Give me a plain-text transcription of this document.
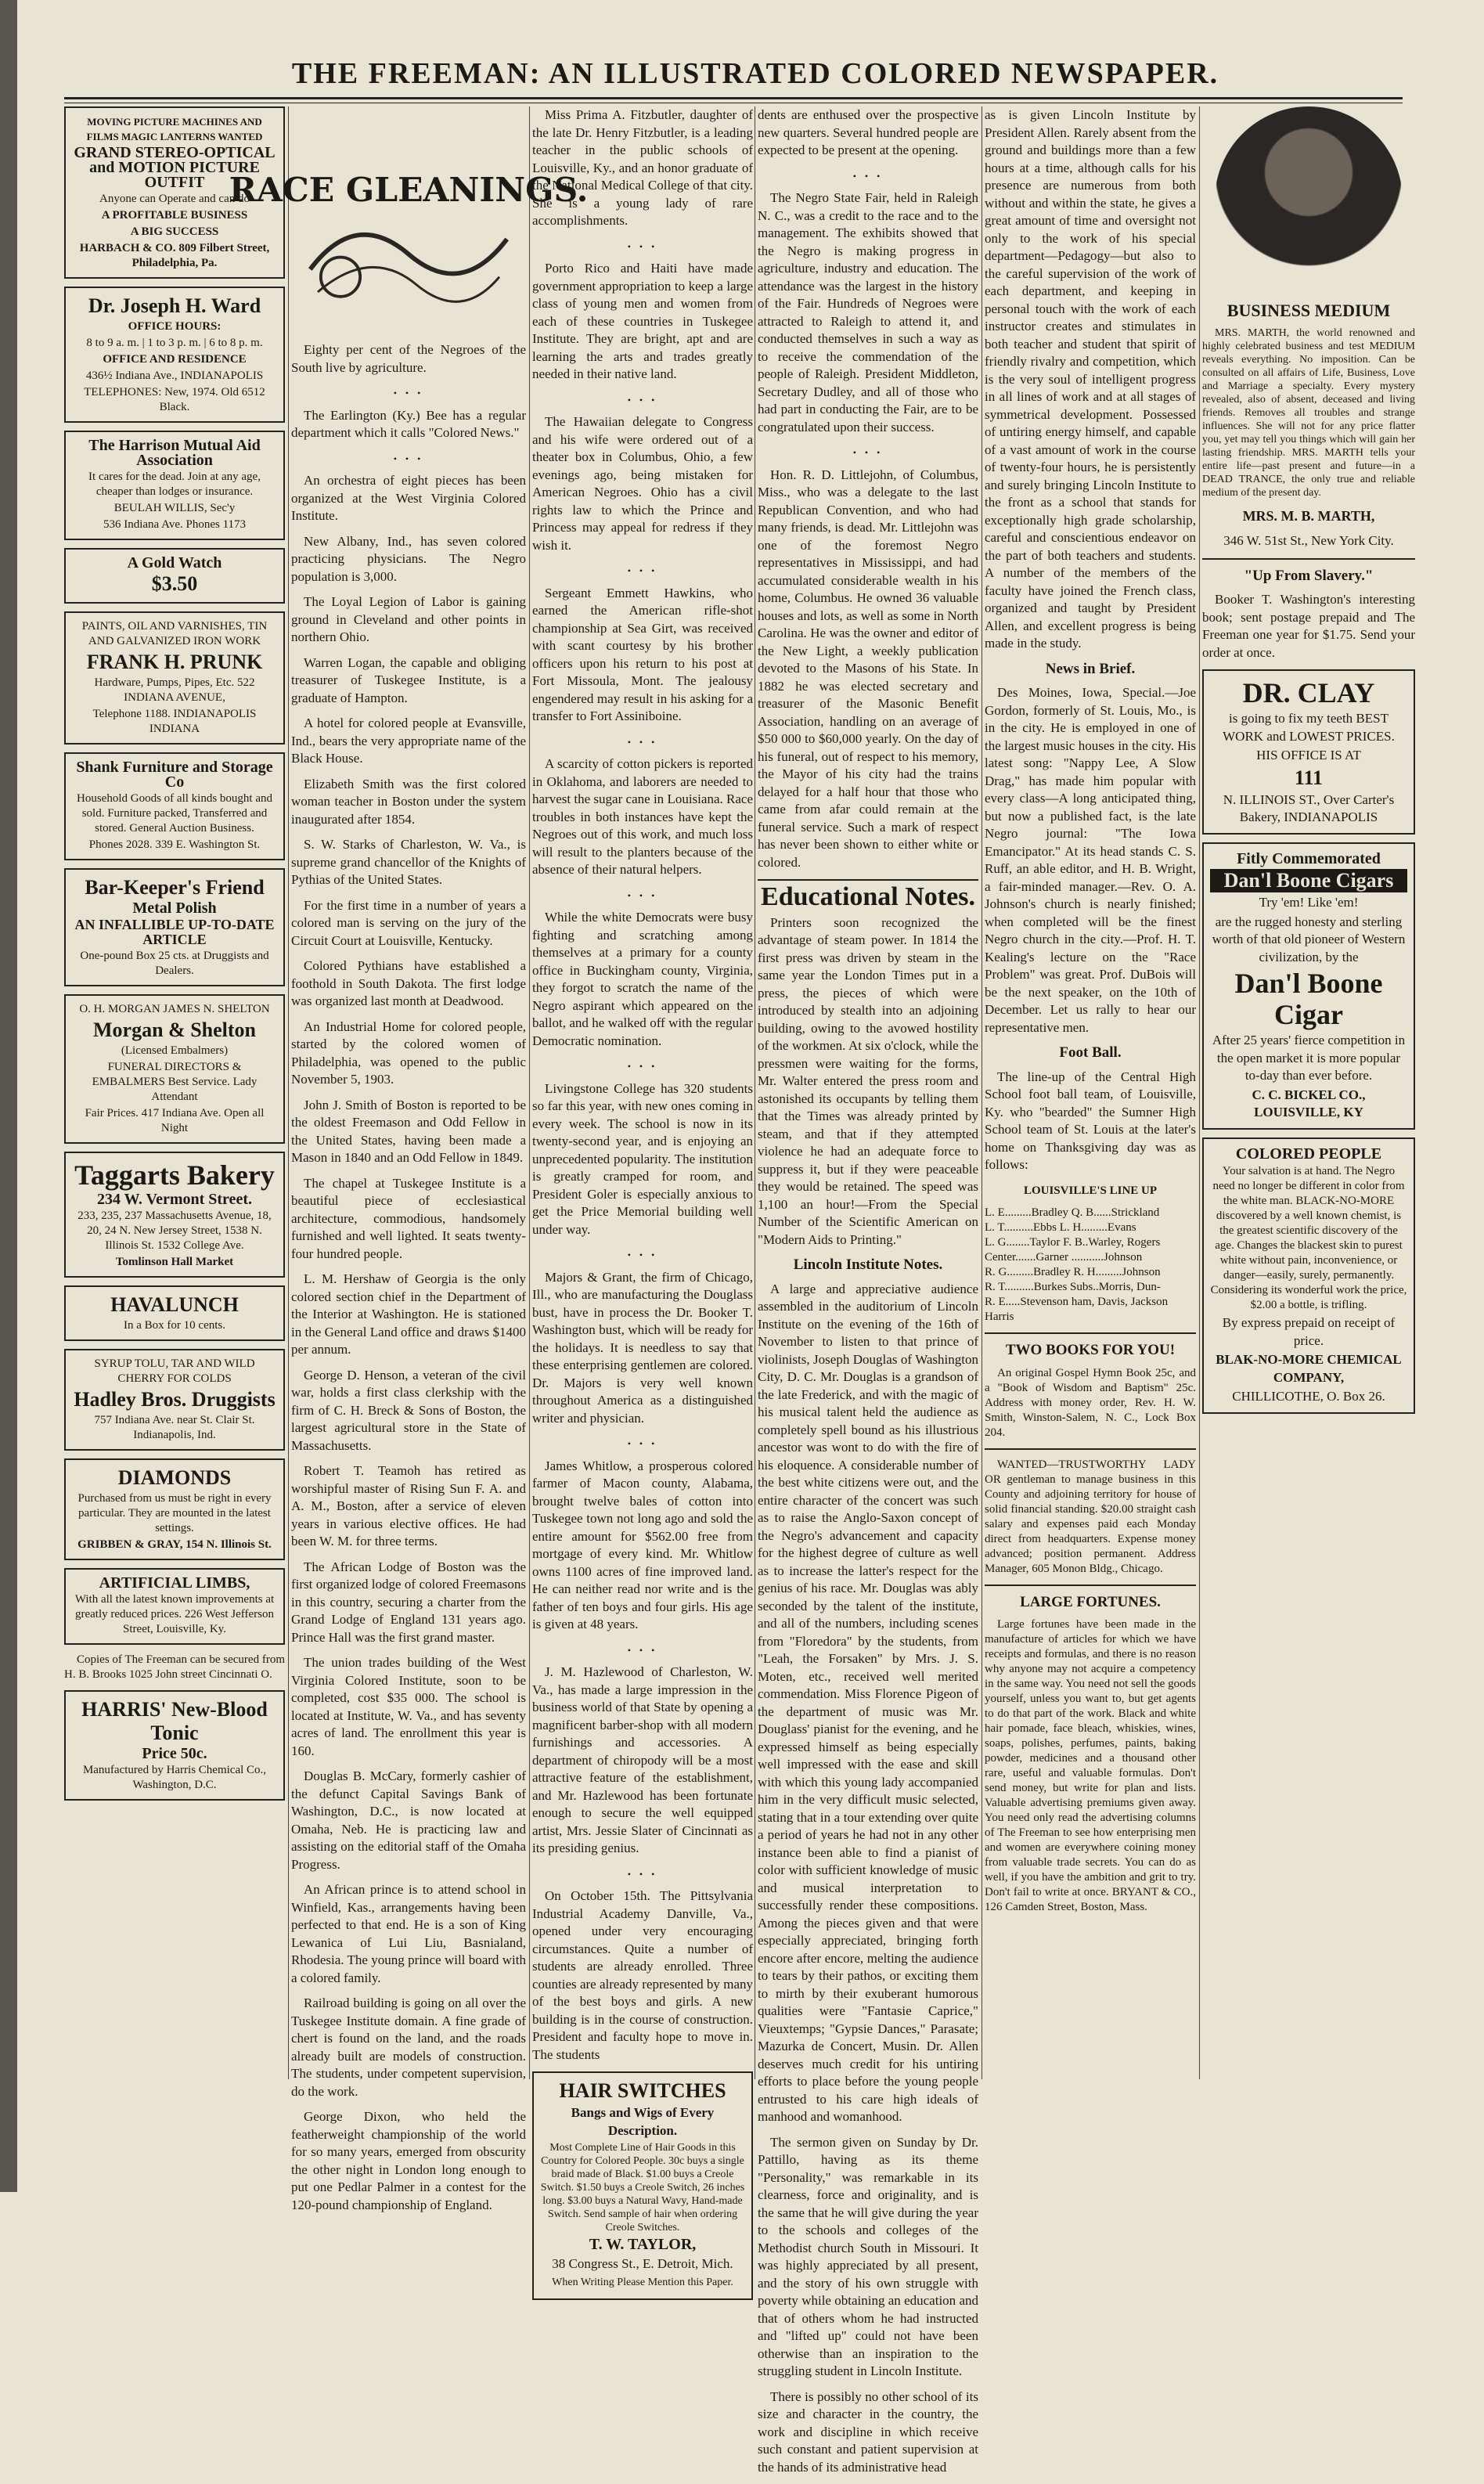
THE FREEMAN: AN ILLUSTRATED COLORED NEWSPAPER.

MOVING PICTURE MACHINES AND FILMS MAGIC LANTERNS WANTED

GRAND STEREO-OPTICAL and MOTION PICTURE OUTFIT

Anyone can Operate and can do

A PROFITABLE BUSINESS

A BIG SUCCESS

HARBACH & CO. 809 Filbert Street, Philadelphia, Pa.

Dr. Joseph H. Ward

OFFICE HOURS:

8 to 9 a. m. | 1 to 3 p. m. | 6 to 8 p. m.

OFFICE AND RESIDENCE

436½ Indiana Ave., INDIANAPOLIS

TELEPHONES: New, 1974. Old 6512 Black.

The Harrison Mutual Aid Association

It cares for the dead. Join at any age, cheaper than lodges or insurance.

BEULAH WILLIS, Sec'y

536 Indiana Ave. Phones 1173

A Gold Watch

$3.50

PAINTS, OIL AND VARNISHES, TIN AND GALVANIZED IRON WORK

FRANK H. PRUNK

Hardware, Pumps, Pipes, Etc. 522 INDIANA AVENUE,

Telephone 1188. INDIANAPOLIS INDIANA

Shank Furniture and Storage Co

Household Goods of all kinds bought and sold. Furniture packed, Transferred and stored. General Auction Business.

Phones 2028. 339 E. Washington St.

Bar-Keeper's Friend

Metal Polish

AN INFALLIBLE UP-TO-DATE ARTICLE

One-pound Box 25 cts. at Druggists and Dealers.

O. H. MORGAN JAMES N. SHELTON

Morgan & Shelton

(Licensed Embalmers)

FUNERAL DIRECTORS & EMBALMERS Best Service. Lady Attendant

Fair Prices. 417 Indiana Ave. Open all Night

Taggarts Bakery

234 W. Vermont Street.

233, 235, 237 Massachusetts Avenue, 18, 20, 24 N. New Jersey Street, 1538 N. Illinois St. 1532 College Ave.

Tomlinson Hall Market

HAVALUNCH

In a Box for 10 cents.

SYRUP TOLU, TAR AND WILD CHERRY FOR COLDS

Hadley Bros. Druggists

757 Indiana Ave. near St. Clair St. Indianapolis, Ind.

DIAMONDS

Purchased from us must be right in every particular. They are mounted in the latest settings.

GRIBBEN & GRAY, 154 N. Illinois St.

ARTIFICIAL LIMBS,

With all the latest known improvements at greatly reduced prices. 226 West Jefferson Street, Louisville, Ky.

Copies of The Freeman can be secured from H. B. Brooks 1025 John street Cincinnati O.

HARRIS' New-Blood Tonic

Price 50c.

Manufactured by Harris Chemical Co., Washington, D.C.

RACE GLEANINGS.

Eighty per cent of the Negroes of the South live by agriculture.

• • •

The Earlington (Ky.) Bee has a regular department which it calls "Colored News."

• • •

An orchestra of eight pieces has been organized at the West Virginia Colored Institute.

New Albany, Ind., has seven colored practicing physicians. The Negro population is 3,000.

The Loyal Legion of Labor is gaining ground in Cleveland and other points in northern Ohio.

Warren Logan, the capable and obliging treasurer of Tuskegee Institute, is a graduate of Hampton.

A hotel for colored people at Evansville, Ind., bears the very appropriate name of the Black House.

Elizabeth Smith was the first colored woman teacher in Boston under the system inaugurated after 1854.

S. W. Starks of Charleston, W. Va., is supreme grand chancellor of the Knights of Pythias of the United States.

For the first time in a number of years a colored man is serving on the jury of the Circuit Court at Louisville, Kentucky.

Colored Pythians have established a foothold in South Dakota. The first lodge was organized last month at Deadwood.

An Industrial Home for colored people, started by the colored women of Philadelphia, was opened to the public November 5, 1903.

John J. Smith of Boston is reported to be the oldest Freemason and Odd Fellow in the United States, having been made a Mason in 1840 and an Odd Fellow in 1849.

The chapel at Tuskegee Institute is a beautiful piece of ecclesiastical architecture, commodious, handsomely furnished and well lighted. It seats twenty-four hundred people.

L. M. Hershaw of Georgia is the only colored section chief in the Department of the Interior at Washington. He is stationed in the General Land office and draws $1400 per annum.

George D. Henson, a veteran of the civil war, holds a first class clerkship with the firm of C. H. Breck & Sons of Boston, the largest agricultural store in the State of Massachusetts.

Robert T. Teamoh has retired as worshipful master of Rising Sun F. A. and A. M., Boston, after a service of eleven years in various elective offices. He had been W. M. for three terms.

The African Lodge of Boston was the first organized lodge of colored Freemasons in this country, securing a charter from the Grand Lodge of England 131 years ago. Prince Hall was the first grand master.

The union trades building of the West Virginia Colored Institute, soon to be completed, cost $35 000. The school is located at Institute, W. Va., and has seventy acres of land. The enrollment this year is 160.

Douglas B. McCary, formerly cashier of the defunct Capital Savings Bank of Washington, D.C., is now located at Omaha, Neb. He is practicing law and assisting on the editorial staff of the Omaha Progress.

An African prince is to attend school in Winfield, Kas., arrangements having been perfected to that end. He is a son of King Lewanica of Lui Liu, Basnialand, Rhodesia. The young prince will board with a colored family.

Railroad building is going on all over the Tuskegee Institute domain. A fine grade of chert is found on the land, and the roads already built are models of construction. The students, under competent supervision, do the work.

George Dixon, who held the featherweight championship of the world for so many years, emerged from obscurity the other night in London long enough to put one Pedlar Palmer in a contest for the 120-pound championship of England.

Miss Prima A. Fitzbutler, daughter of the late Dr. Henry Fitzbutler, is a leading teacher in the public schools of Louisville, Ky., and an honor graduate of the National Medical College of that city. She is a young lady of rare accomplishments.

• • •

Porto Rico and Haiti have made government appropriation to keep a large class of young men and women from each of these countries in Tuskegee Institute. They are bright, apt and are learning the arts and trades greatly needed in their native land.

• • •

The Hawaiian delegate to Congress and his wife were ordered out of a theater box in Columbus, Ohio, a few evenings ago, being mistaken for American Negroes. Ohio has a civil rights law to which the Prince and Princess may appeal for redress if they wish it.

• • •

Sergeant Emmett Hawkins, who earned the American rifle-shot championship at Sea Girt, was received with scant courtesy by his brother officers upon his return to his post at Fort Missoula, Mont. The jealousy engendered may result in his asking for a transfer to Fort Assiniboine.

• • •

A scarcity of cotton pickers is reported in Oklahoma, and laborers are needed to harvest the sugar cane in Louisiana. Race troubles in both instances have kept the Negroes out of this work, and much loss will result to the planters because of the absence of their natural helpers.

• • •

While the white Democrats were busy fighting and scratching among themselves at a primary for a county office in Buckingham county, Virginia, they forgot to scratch the name of the Negro aspirant which appeared on the ballot, and he walked off with the regular Democratic nomination.

• • •

Livingstone College has 320 students so far this year, with new ones coming in every week. The school is now in its twenty-second year, and is enjoying an unprecedented popularity. The institution is greatly cramped for room, and President Goler is especially anxious to get the Price Memorial building well under way.

• • •

Majors & Grant, the firm of Chicago, Ill., who are manufacturing the Douglass bust, have in process the Dr. Booker T. Washington bust, which will be ready for the holidays. It is needless to say that these enterprising gentlemen are colored. Dr. Majors is very well known throughout America as a distinguished writer and physician.

• • •

James Whitlow, a prosperous colored farmer of Macon county, Alabama, brought twelve bales of cotton into Tuskegee town not long ago and sold the entire amount for $562.00 free from mortgage of every kind. Mr. Whitlow owns 1100 acres of fine improved land. He can neither read nor write and is the father of ten boys and four girls. His age is given at 48 years.

• • •

J. M. Hazlewood of Charleston, W. Va., has made a large impression in the business world of that State by opening a magnificent barber-shop with all modern furnishings and accessories. A department of chiropody will be a most attractive feature of the establishment, and Mr. Hazlewood has been fortunate enough to secure the well equipped artist, Mrs. Jessie Slater of Cincinnati as its presiding genius.

• • •

On October 15th. The Pittsylvania Industrial Academy Danville, Va., opened under very encouraging circumstances. Quite a number of students are already enrolled. Three counties are already represented by many of the best boys and girls. A new building is in the course of construction. President and faculty hope to move in. The students

HAIR SWITCHES

Bangs and Wigs of Every Description.

Most Complete Line of Hair Goods in this Country for Colored People. 30c buys a single braid made of Black. $1.00 buys a Creole Switch. $1.50 buys a Creole Switch, 26 inches long. $3.00 buys a Natural Wavy, Hand-made Switch. Send sample of hair when ordering Creole Switches.

T. W. TAYLOR,

38 Congress St., E. Detroit, Mich.

When Writing Please Mention this Paper.

dents are enthused over the prospective new quarters. Several hundred people are expected to be present at the opening.

• • •

The Negro State Fair, held in Raleigh N. C., was a credit to the race and to the management. The exhibits showed that the Negro is making progress in agriculture, industry and education. The attendance was the largest in the history of the Fair. Hundreds of Negroes were attracted to Raleigh to attend it, and conducted themselves in such a way as to receive the commendation of the people of Raleigh. President Middleton, Secretary Dudley, and all of those who had part in conducting the Fair, are to be congratulated upon their success.

• • •

Hon. R. D. Littlejohn, of Columbus, Miss., who was a delegate to the last Republican Convention, and who had many friends, is dead. Mr. Littlejohn was one of the foremost Negro representatives in Mississippi, and had accumulated considerable wealth in his home, Columbus. He owned 36 valuable houses and lots, as well as some in North Carolina. He was the owner and editor of the New Light, a weekly publication devoted to the Masons of his State. In 1882 he was elected secretary and treasurer of the Masonic Benefit Association, handling on an average of $50 000 to $60,000 yearly. On the day of his funeral, out of respect to his memory, the Mayor of his city had the trains delayed for a half hour that those who came from afar could remain at the funeral service. Such a mark of respect has never been shown to either white or colored.

Educational Notes.

Printers soon recognized the advantage of steam power. In 1814 the first press was driven by steam in the same year the London Times put in a press, the pieces of which were introduced by stealth into an adjoining building, owing to the avowed hostility of the workmen. At six o'clock, while the pressmen were waiting for the forms, Mr. Walter entered the press room and astonished its occupants by telling them that the Times was already printed by steam, and that if they attempted violence he had an adequate force to suppress it, but if they were peaceable they would be retained. The speed was 1,100 an hour!—From the Special Number of the Scientific American on "Modern Aids to Printing."

Lincoln Institute Notes.

A large and appreciative audience assembled in the auditorium of Lincoln Institute on the evening of the 16th of November to listen to that prince of violinists, Joseph Douglas of Washington City, D. C. Mr. Douglas is a grandson of the late Frederick, and with the magic of his musical talent held the audience as completely spell bound as his illustrious ancestor was wont to do with the fire of his eloquence. A considerable number of the best white citizens were out, and the entire character of the concert was such as to raise the Anglo-Saxon concept of the Negro's advancement and capacity for the highest degree of culture as well as to increase the latter's respect for the genius of his race. Mr. Douglas was ably seconded by the talent of the institute, and all of the numbers, including scenes from "Floredora" by the students, from "Leah, the Forsaken" by Mrs. J. S. Moten, etc., received well merited commendation. Miss Florence Pigeon of the department of music was Mr. Douglass' pianist for the evening, and he expressed himself as being especially well impressed with the ease and skill with which this young lady accompanied him in the very difficult music selected, stating that in a tour extending over quite a period of years he had not in any other instance been able to find a pianist of color with sufficient knowledge of music and musical interpretation to successfully render these compositions. Among the pieces given and that were especially appreciated, bringing forth encore after encore, melting the audience to tears by their pathos, or exciting them to mirth by their exuberant humorous qualities were "Fantasie Caprice," Vieuxtemps; "Gypsie Dances," Parasate; Mazurka de Concert, Musin. Dr. Allen deserves much credit for his untiring efforts to place before the young people entrusted to his care high ideals of manhood and womanhood.

The sermon given on Sunday by Dr. Pattillo, having as its theme "Personality," was remarkable in its clearness, force and originality, and is the same that he will give during the year to the schools and colleges of the Methodist church South in Missouri. It was highly appreciated by all present, and the story of his own struggle with poverty while obtaining an education and that of others whom he had instructed and "lifted up" could not have been otherwise than an inspiration to the struggling student in Lincoln Institute.

There is possibly no other school of its size and character in the country, the work and discipline in which receive such constant and patient supervision at the hands of its administrative head

as is given Lincoln Institute by President Allen. Rarely absent from the ground and buildings more than a few hours at a time, although calls for his presence are numerous from both without and within the state, he gives a great amount of time and oversight not only to the work of his special department—Pedagogy—but also to the careful supervision of the work of each department, and keeping in personal touch with the work of each instructor creates and stimulates in both teacher and student that spirit of friendly rivalry and competition, which is the very soul of intelligent progress in all lines of work and at all stages of symmetrical development. Possessed of untiring energy himself, and capable of a vast amount of work in the course of twenty-four hours, he is persistently and surely bringing Lincoln Institute to the front as a school that stands for exceptionally high grade scholarship, careful and conscientious endeavor on the part of both teachers and students. A number of the members of the faculty have joined the French class, organized and taught by President Allen, and excellent progress is being made in the study.

News in Brief.

Des Moines, Iowa, Special.—Joe Gordon, formerly of St. Louis, Mo., is in the city. He is employed in one of the largest music houses in the city. His latest song: "Nappy Lee, A Slow Drag," has made him popular with every class—A long anticipated thing, but now a published fact, is the late Negro journal: "The Iowa Emancipator." At its head stands C. S. Ruff, an able editor, and H. B. Wright, a fair-minded manager.—Rev. O. A. Johnson's church is nearly finished; when completed will be the finest Negro church in the city.—Prof. H. T. Kealing's lecture on the "Race Problem" was great. Prof. DuBois will be the next speaker, on the 10th of December. Let us rally to hear our representative men.

Foot Ball.

The line-up of the Central High School foot ball team, of Louisville, Ky. who "bearded" the Sumner High School team of St. Louis at the later's home on Thanksgiving day was as follows:

LOUISVILLE'S LINE UP

L. E.........Bradley Q. B......Strickland
L. T..........Ebbs L. H.........Evans
L. G........Taylor F. B..Warley, Rogers
Center.......Garner ...........Johnson
R. G.........Bradley R. H.........Johnson
R. T..........Burkes Subs..Morris, Dun-
R. E.....Stevenson ham, Davis, Jackson
Harris

TWO BOOKS FOR YOU!

An original Gospel Hymn Book 25c, and a "Book of Wisdom and Baptism" 25c. Address with money order, Rev. H. W. Smith, Winston-Salem, N. C., Lock Box 204.

WANTED—TRUSTWORTHY LADY OR gentleman to manage business in this County and adjoining territory for house of solid financial standing. $20.00 straight cash salary and expenses paid each Monday direct from headquarters. Expense money advanced; position permanent. Address Manager, 605 Monon Bldg., Chicago.

LARGE FORTUNES.

Large fortunes have been made in the manufacture of articles for which we have receipts and formulas, and there is no reason why anyone may not acquire a competency in the same way. You need not sell the goods yourself, unless you want to, but get agents to do that part of the work. Black and white hair pomade, face bleach, whiskies, wines, soaps, polishes, perfumes, paints, baking powder, medicines and a thousand other rare, useful and valuable formulas. Don't send money, but write for plan and lists. Valuable advertising premiums given away. You need only read the advertising columns of The Freeman to see how enterprising men and women are everywhere coining money from valuable trade secrets. You can do as well, if you have the ambition and grit to try. Don't fail to write at once. BRYANT & CO., 126 Camden Street, Boston, Mass.

BUSINESS MEDIUM

MRS. MARTH, the world renowned and highly celebrated business and test MEDIUM reveals everything. No imposition. Can be consulted on all affairs of Life, Business, Love and Marriage a specialty. Every mystery revealed, also of absent, deceased and living friends. Removes all troubles and strange influences. She will not for any price flatter you, yet may tell you things which will gain her lasting friendship. MRS. MARTH tells your entire life—past present and future—in a DEAD TRANCE, the only true and reliable medium of the present day.

MRS. M. B. MARTH,

346 W. 51st St., New York City.

"Up From Slavery."

Booker T. Washington's interesting book; sent postage prepaid and The Freeman one year for $1.75. Send your order at once.

DR. CLAY

is going to fix my teeth BEST WORK and LOWEST PRICES.

HIS OFFICE IS AT

111

N. ILLINOIS ST., Over Carter's Bakery, INDIANAPOLIS

Fitly Commemorated

Dan'l Boone Cigars

Try 'em! Like 'em!

are the rugged honesty and sterling worth of that old pioneer of Western civilization, by the

Dan'l Boone Cigar

After 25 years' fierce competition in the open market it is more popular to-day than ever before.

C. C. BICKEL CO., LOUISVILLE, KY

COLORED PEOPLE

Your salvation is at hand. The Negro need no longer be different in color from the white man. BLACK-NO-MORE discovered by a well known chemist, is the greatest scientific discovery of the age. Changes the blackest skin to purest white without pain, inconvenience, or danger—easily, surely, permanently. Considering its wonderful work the price, $2.00 a bottle, is trifling.

By express prepaid on receipt of price.

BLAK-NO-MORE CHEMICAL COMPANY,

CHILLICOTHE, O. Box 26.
